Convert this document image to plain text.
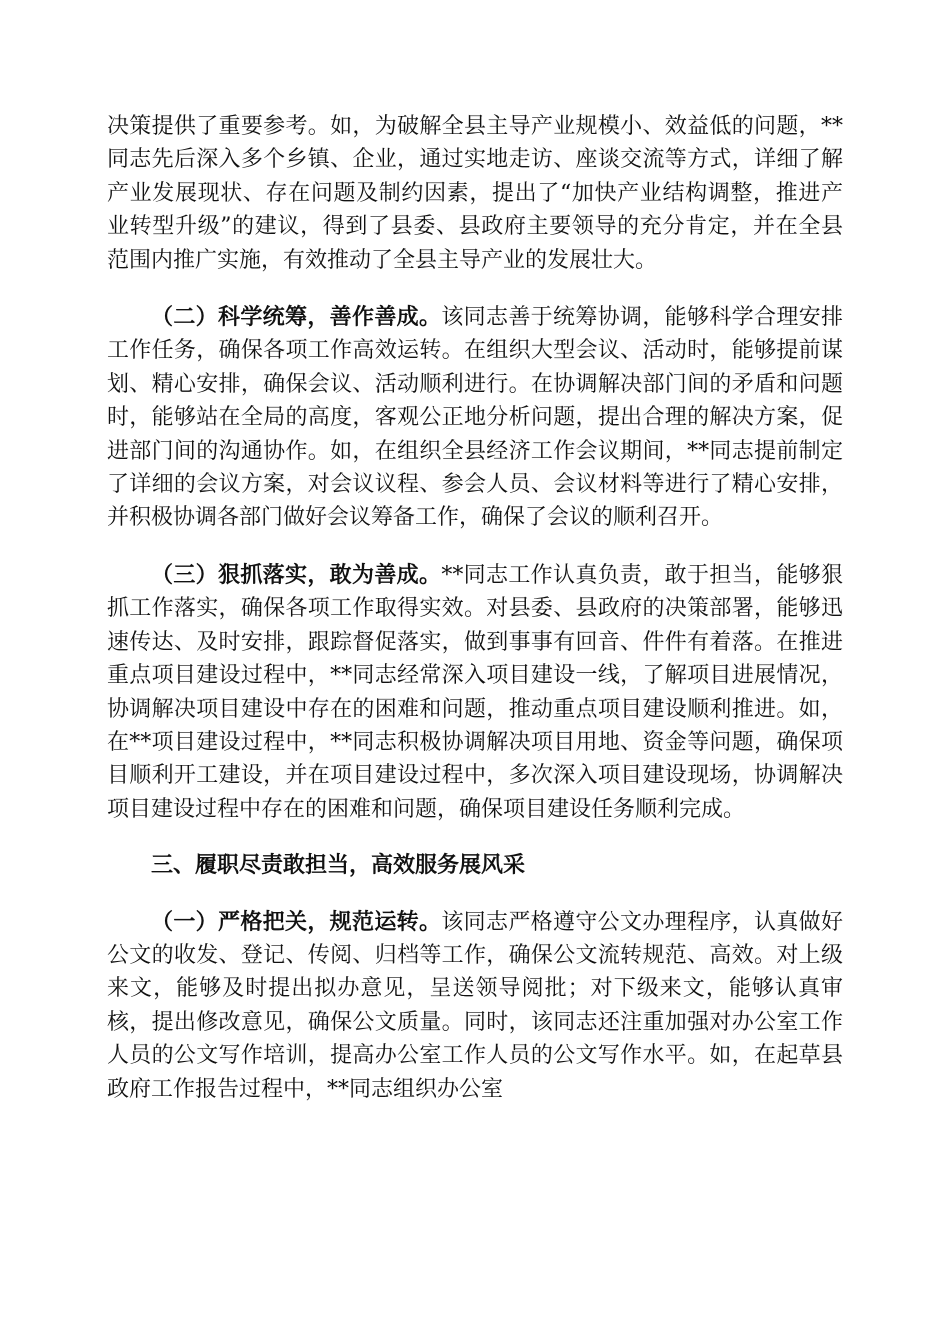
决策提供了重要参考。如，为破解全县主导产业规模小、效益低的问题，**同志先后深入多个乡镇、企业，通过实地走访、座谈交流等方式，详细了解产业发展现状、存在问题及制约因素，提出了“加快产业结构调整，推进产业转型升级”的建议，得到了县委、县政府主要领导的充分肯定，并在全县范围内推广实施，有效推动了全县主导产业的发展壮大。

（二）科学统筹，善作善成。该同志善于统筹协调，能够科学合理安排工作任务，确保各项工作高效运转。在组织大型会议、活动时，能够提前谋划、精心安排，确保会议、活动顺利进行。在协调解决部门间的矛盾和问题时，能够站在全局的高度，客观公正地分析问题，提出合理的解决方案，促进部门间的沟通协作。如，在组织全县经济工作会议期间，**同志提前制定了详细的会议方案，对会议议程、参会人员、会议材料等进行了精心安排，并积极协调各部门做好会议筹备工作，确保了会议的顺利召开。

（三）狠抓落实，敢为善成。**同志工作认真负责，敢于担当，能够狠抓工作落实，确保各项工作取得实效。对县委、县政府的决策部署，能够迅速传达、及时安排，跟踪督促落实，做到事事有回音、件件有着落。在推进重点项目建设过程中，**同志经常深入项目建设一线，了解项目进展情况，协调解决项目建设中存在的困难和问题，推动重点项目建设顺利推进。如，在**项目建设过程中，**同志积极协调解决项目用地、资金等问题，确保项目顺利开工建设，并在项目建设过程中，多次深入项目建设现场，协调解决项目建设过程中存在的困难和问题，确保项目建设任务顺利完成。

三、履职尽责敢担当，高效服务展风采

（一）严格把关，规范运转。该同志严格遵守公文办理程序，认真做好公文的收发、登记、传阅、归档等工作，确保公文流转规范、高效。对上级来文，能够及时提出拟办意见，呈送领导阅批；对下级来文，能够认真审核，提出修改意见，确保公文质量。同时，该同志还注重加强对办公室工作人员的公文写作培训，提高办公室工作人员的公文写作水平。如，在起草县政府工作报告过程中，**同志组织办公室
